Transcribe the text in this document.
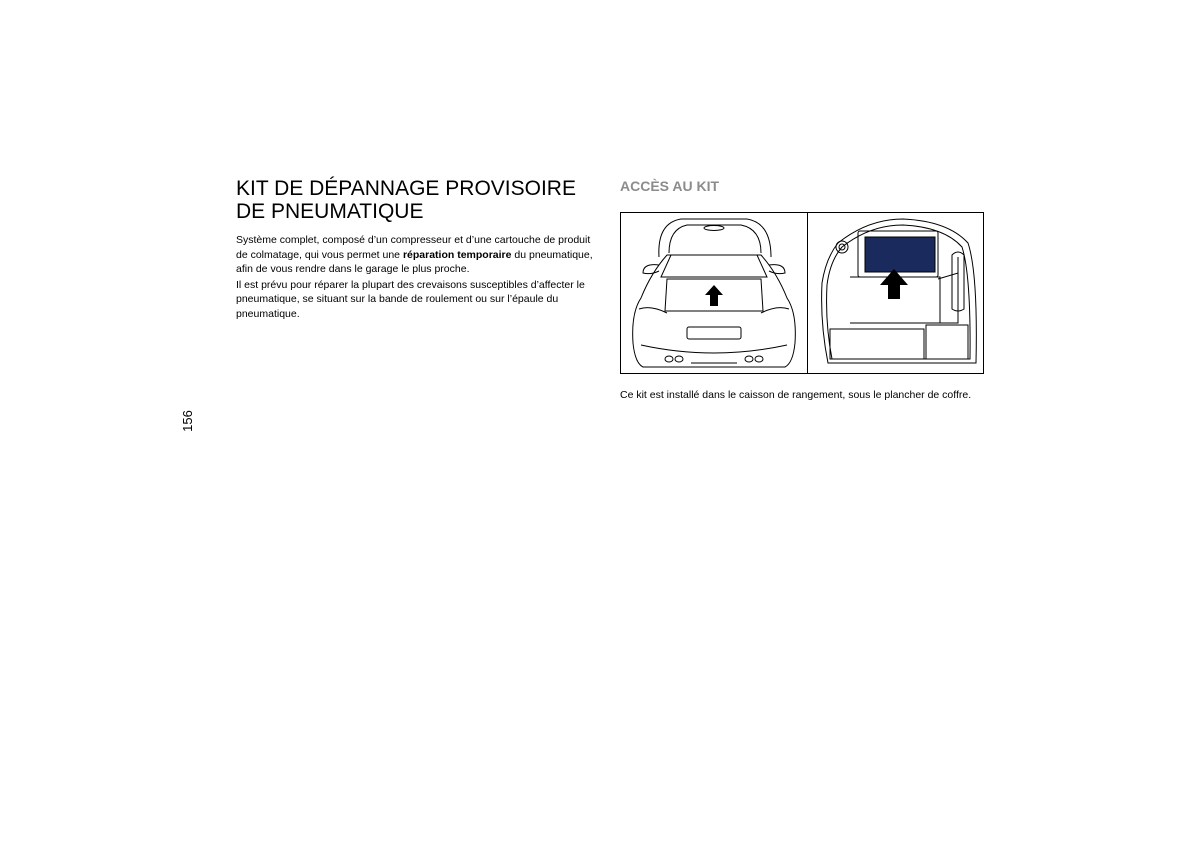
156
KIT DE DÉPANNAGE PROVISOIRE
DE PNEUMATIQUE

Système complet, composé d’un compresseur et d’une cartouche de produit de colmatage, qui vous permet une réparation temporaire du pneumatique, afin de vous rendre dans le garage le plus proche.

Il est prévu pour réparer la plupart des crevaisons susceptibles d’affecter le pneumatique, se situant sur la bande de roulement ou sur l’épaule du pneumatique.

ACCÈS AU KIT
Ce kit est installé dans le caisson de rangement, sous le plancher de coffre.
